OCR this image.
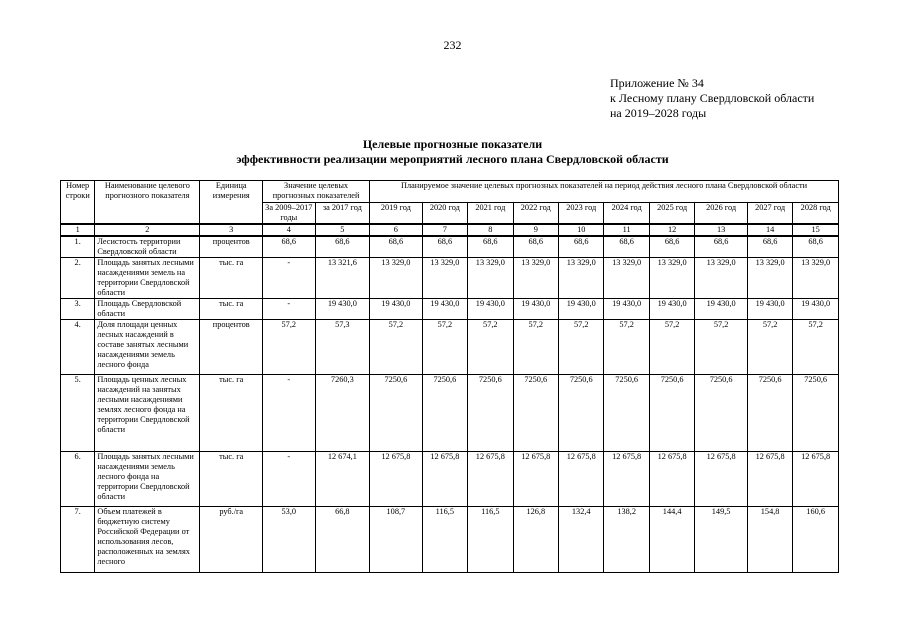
232
Приложение № 34
к Лесному плану Свердловской области
на 2019–2028 годы
Целевые прогнозные показатели
эффективности реализации мероприятий лесного плана Свердловской области
Номер строки	Наименование целевого прогнозного показателя	Единица измерения	Значение целевых прогнозных показателей		Планируемое значение целевых прогнозных показателей на период действия лесного плана Свердловской области									
			За 2009–2017 годы	за 2017 год	2019 год	2020 год	2021 год	2022 год	2023 год	2024 год	2025 год	2026 год	2027 год	2028 год
1	2	3	4	5	6	7	8	9	10	11	12	13	14	15
1.	Лесистость территории Свердловской области	процентов	68,6	68,6	68,6	68,6	68,6	68,6	68,6	68,6	68,6	68,6	68,6	68,6
2.	Площадь занятых лесными насаждениями земель на территории Свердловской области	тыс. га	-	13 321,6	13 329,0	13 329,0	13 329,0	13 329,0	13 329,0	13 329,0	13 329,0	13 329,0	13 329,0	13 329,0
3.	Площадь Свердловской области	тыс. га	-	19 430,0	19 430,0	19 430,0	19 430,0	19 430,0	19 430,0	19 430,0	19 430,0	19 430,0	19 430,0	19 430,0
4.	Доля площади ценных лесных насаждений в составе занятых лесными насаждениями земель лесного фонда	процентов	57,2	57,3	57,2	57,2	57,2	57,2	57,2	57,2	57,2	57,2	57,2	57,2
5.	Площадь ценных лесных насаждений на занятых лесными насаждениями землях лесного фонда на территории Свердловской области	тыс. га	-	7260,3	7250,6	7250,6	7250,6	7250,6	7250,6	7250,6	7250,6	7250,6	7250,6	7250,6
6.	Площадь занятых лесными насаждениями земель лесного фонда на территории Свердловской области	тыс. га	-	12 674,1	12 675,8	12 675,8	12 675,8	12 675,8	12 675,8	12 675,8	12 675,8	12 675,8	12 675,8	12 675,8
7.	Объем платежей в бюджетную систему Российской Федерации от использования лесов, расположенных на землях лесного	руб./га	53,0	66,8	108,7	116,5	116,5	126,8	132,4	138,2	144,4	149,5	154,8	160,6
